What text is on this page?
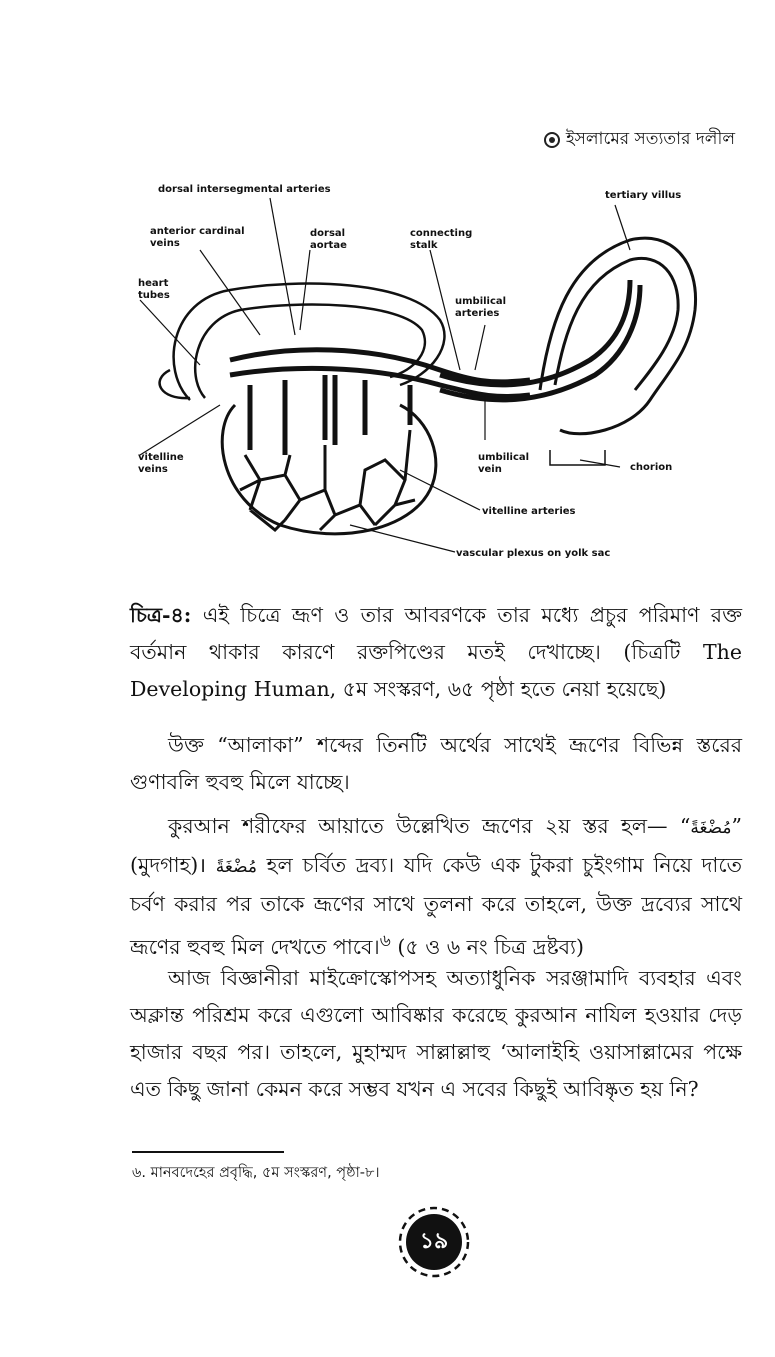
ইসলামের সত্যতার দলীল
dorsal intersegmental arteries
anterior cardinal
veins
dorsal
aortae
connecting
stalk
tertiary villus
heart
tubes
umbilical
arteries
vitelline
veins
umbilical
vein	chorion
vitelline arteries
vascular plexus on yolk sac

চিত্র-৪: এই চিত্রে ভ্রূণ ও তার আবরণকে তার মধ্যে প্রচুর পরিমাণ রক্ত বর্তমান থাকার কারণে রক্তপিণ্ডের মতই দেখাচ্ছে। (চিত্রটি The Developing Human, ৫ম সংস্করণ, ৬৫ পৃষ্ঠা হতে নেয়া হয়েছে)

উক্ত “আলাকা” শব্দের তিনটি অর্থের সাথেই ভ্রূণের বিভিন্ন স্তরের গুণাবলি হুবহু মিলে যাচ্ছে।

কুরআন শরীফের আয়াতে উল্লেখিত ভ্রূণের ২য় স্তর হল— “مُضْغَةً” (মুদগাহ)। مُضْغَةً হল চর্বিত দ্রব্য। যদি কেউ এক টুকরা চুইংগাম নিয়ে দাতে চর্বণ করার পর তাকে ভ্রূণের সাথে তুলনা করে তাহলে, উক্ত দ্রব্যের সাথে ভ্রূণের হুবহু মিল দেখতে পাবে।$^৬$ (৫ ও ৬ নং চিত্র দ্রষ্টব্য)

আজ বিজ্ঞানীরা মাইক্রোস্কোপসহ অত্যাধুনিক সরঞ্জামাদি ব্যবহার এবং অক্লান্ত পরিশ্রম করে এগুলো আবিষ্কার করেছে কুরআন নাযিল হওয়ার দেড় হাজার বছর পর। তাহলে, মুহাম্মদ সাল্লাল্লাহু ‘আলাইহি ওয়াসাল্লামের পক্ষে এত কিছু জানা কেমন করে সম্ভব যখন এ সবের কিছুই আবিষ্কৃত হয় নি?

৬. মানবদেহের প্রবৃদ্ধি, ৫ম সংস্করণ, পৃষ্ঠা-৮।
১৯
